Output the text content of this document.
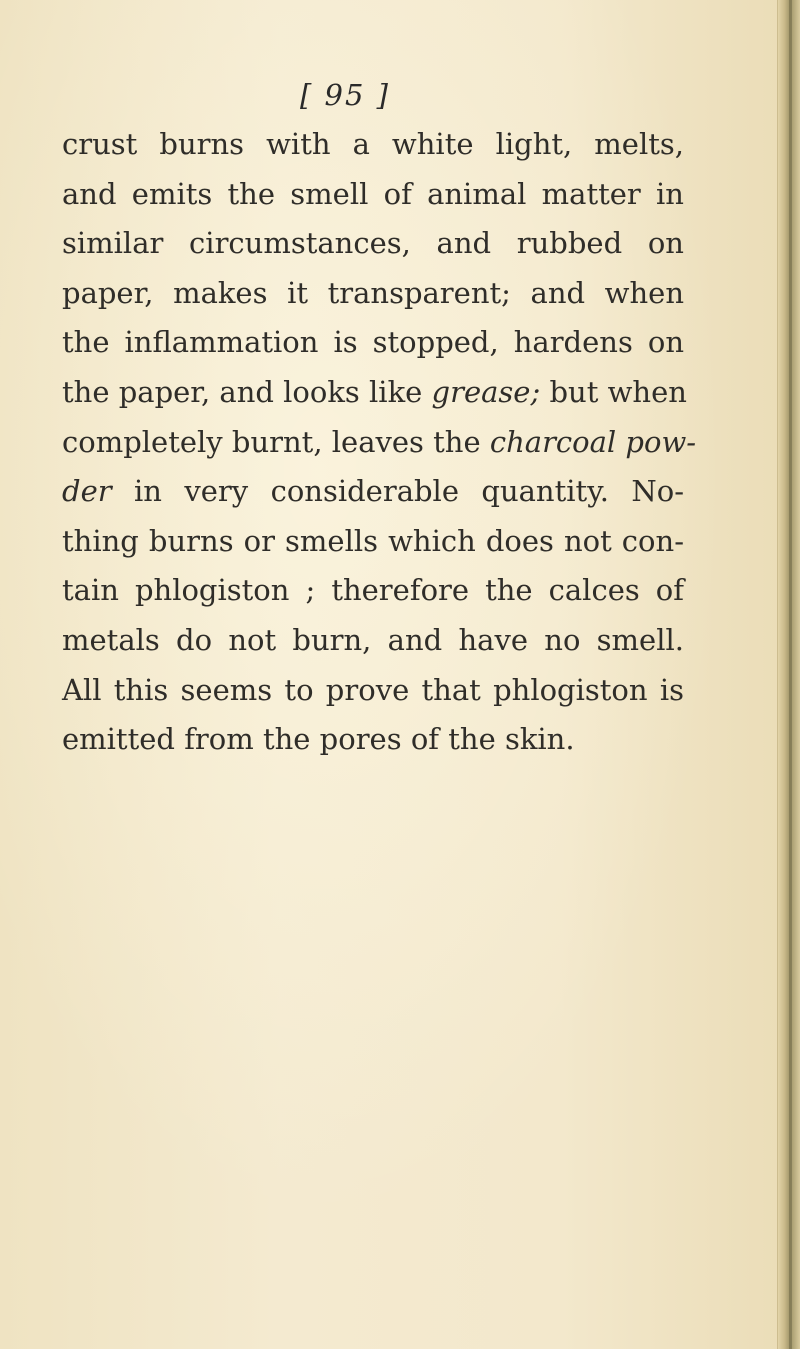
[ 95 ]
crust burns with a white light, melts,
and emits the smell of animal matter in
similar circumstances, and rubbed on
paper, makes it transparent; and when
the inflammation is stopped, hardens on
the paper, and looks like grease; but when
completely burnt, leaves the charcoal pow-
der in very considerable quantity. No-
thing burns or smells which does not con-
tain phlogiston ; therefore the calces of
metals do not burn, and have no smell.
All this seems to prove that phlogiston is
emitted from the pores of the skin.
